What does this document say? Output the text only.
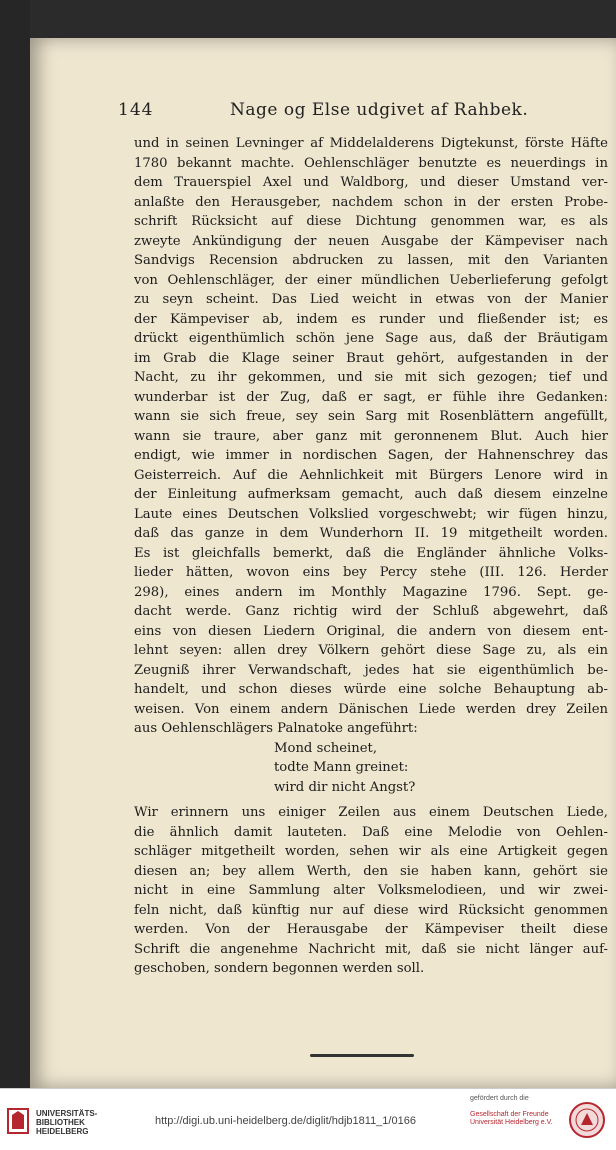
144	Nage og Else udgivet af Rahbek.
und in seinen Levninger af Middelalderens Digtekunst, förste Häfte
1780 bekannt machte. Oehlenschläger benutzte es neuerdings in
dem Trauerspiel Axel und Waldborg, und dieser Umstand ver-
anlaßte den Herausgeber, nachdem schon in der ersten Probe-
schrift Rücksicht auf diese Dichtung genommen war, es als
zweyte Ankündigung der neuen Ausgabe der Kämpeviser nach
Sandvigs Recension abdrucken zu lassen, mit den Varianten
von Oehlenschläger, der einer mündlichen Ueberlieferung gefolgt
zu seyn scheint. Das Lied weicht in etwas von der Manier
der Kämpeviser ab, indem es runder und fließender ist; es
drückt eigenthümlich schön jene Sage aus, daß der Bräutigam
im Grab die Klage seiner Braut gehört, aufgestanden in der
Nacht, zu ihr gekommen, und sie mit sich gezogen; tief und
wunderbar ist der Zug, daß er sagt, er fühle ihre Gedanken:
wann sie sich freue, sey sein Sarg mit Rosenblättern angefüllt,
wann sie traure, aber ganz mit geronnenem Blut. Auch hier
endigt, wie immer in nordischen Sagen, der Hahnenschrey das
Geisterreich. Auf die Aehnlichkeit mit Bürgers Lenore wird in
der Einleitung aufmerksam gemacht, auch daß diesem einzelne
Laute eines Deutschen Volkslied vorgeschwebt; wir fügen hinzu,
daß das ganze in dem Wunderhorn II. 19 mitgetheilt worden.
Es ist gleichfalls bemerkt, daß die Engländer ähnliche Volks-
lieder hätten, wovon eins bey Percy stehe (III. 126. Herder
298), eines andern im Monthly Magazine 1796. Sept. ge-
dacht werde. Ganz richtig wird der Schluß abgewehrt, daß
eins von diesen Liedern Original, die andern von diesem ent-
lehnt seyen: allen drey Völkern gehört diese Sage zu, als ein
Zeugniß ihrer Verwandschaft, jedes hat sie eigenthümlich be-
handelt, und schon dieses würde eine solche Behauptung ab-
weisen. Von einem andern Dänischen Liede werden drey Zeilen
aus Oehlenschlägers Palnatoke angeführt:
Mond scheinet,
todte Mann greinet:
wird dir nicht Angst?
Wir erinnern uns einiger Zeilen aus einem Deutschen Liede,
die ähnlich damit lauteten. Daß eine Melodie von Oehlen-
schläger mitgetheilt worden, sehen wir als eine Artigkeit gegen
diesen an; bey allem Werth, den sie haben kann, gehört sie
nicht in eine Sammlung alter Volksmelodieen, und wir zwei-
feln nicht, daß künftig nur auf diese wird Rücksicht genommen
werden. Von der Herausgabe der Kämpeviser theilt diese
Schrift die angenehme Nachricht mit, daß sie nicht länger auf-
geschoben, sondern begonnen werden soll.
UNIVERSITÄTS-
BIBLIOTHEK
HEIDELBERG
http://digi.ub.uni-heidelberg.de/diglit/hdjb1811_1/0166
gefördert durch die
Gesellschaft der Freunde
Universität Heidelberg e.V.
